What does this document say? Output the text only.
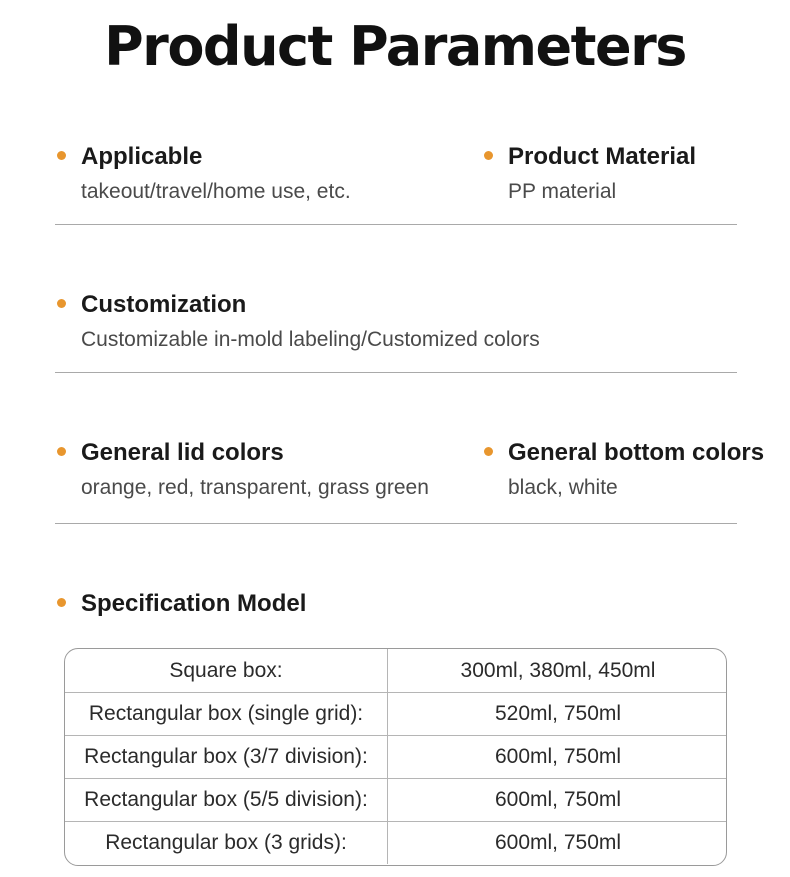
Product Parameters
Applicable
takeout/travel/home use, etc.
Product Material
PP material
Customization
Customizable in-mold labeling/Customized colors
General lid colors
orange, red, transparent, grass green
General bottom colors
black, white
Specification Model
Square box:	300ml, 380ml, 450ml
Rectangular box (single grid):	520ml, 750ml
Rectangular box (3/7 division):	600ml, 750ml
Rectangular box (5/5 division):	600ml, 750ml
Rectangular box (3 grids):	600ml, 750ml
